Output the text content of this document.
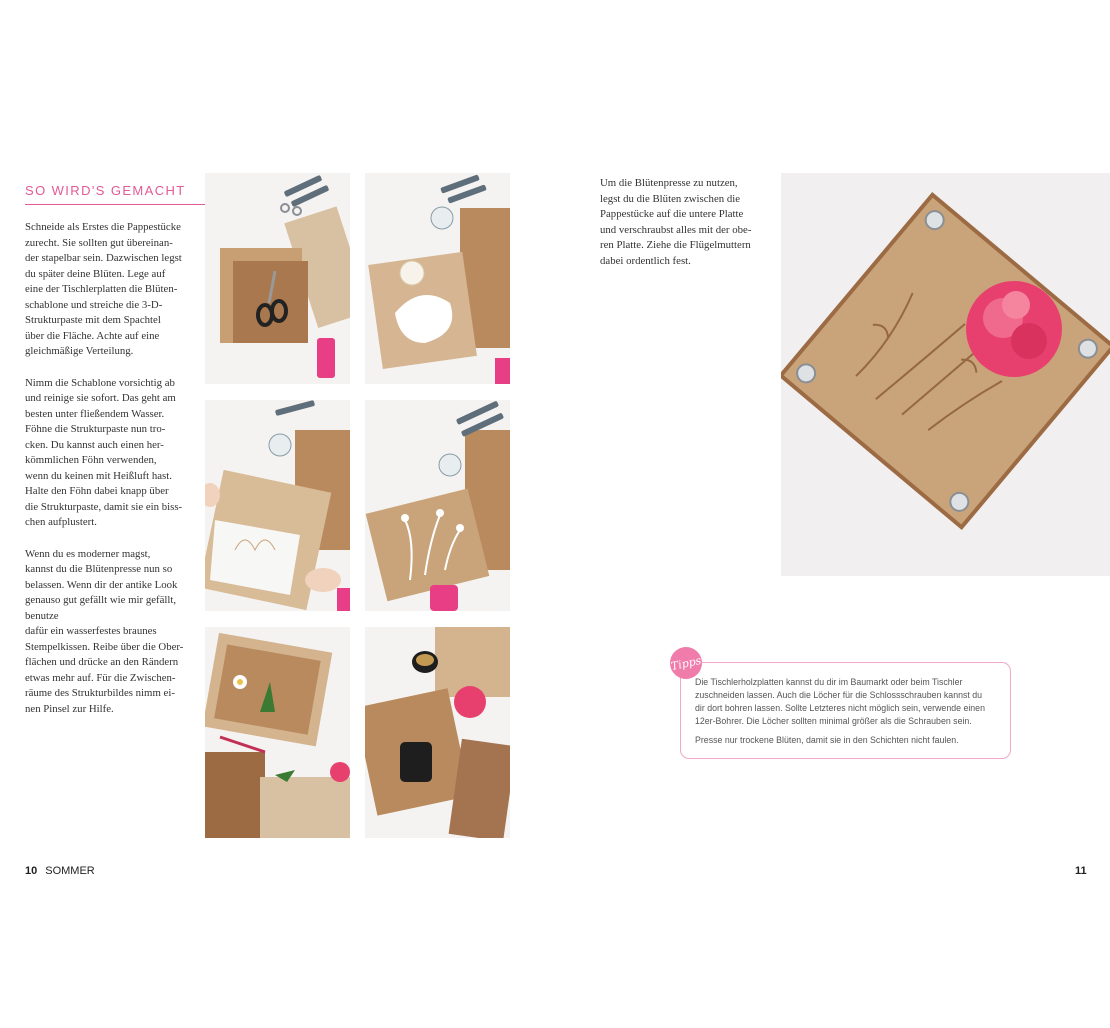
SO WIRD'S GEMACHT

Schneide als Erstes die Pappestücke
zurecht. Sie sollten gut übereinan-
der stapelbar sein. Dazwischen legst
du später deine Blüten. Lege auf
eine der Tischlerplatten die Blüten-
schablone und streiche die 3-D-
Strukturpaste mit dem Spachtel
über die Fläche. Achte auf eine
gleichmäßige Verteilung.

Nimm die Schablone vorsichtig ab
und reinige sie sofort. Das geht am
besten unter fließendem Wasser.
Föhne die Strukturpaste nun tro-
cken. Du kannst auch einen her-
kömmlichen Föhn verwenden,
wenn du keinen mit Heißluft hast.
Halte den Föhn dabei knapp über
die Strukturpaste, damit sie ein biss-
chen aufplustert.

Wenn du es moderner magst,
kannst du die Blütenpresse nun so
belassen. Wenn dir der antike Look
genauso gut gefällt wie mir gefällt, benutze
dafür ein wasserfestes braunes
Stempelkissen. Reibe über die Ober-
flächen und drücke an den Rändern
etwas mehr auf. Für die Zwischen-
räume des Strukturbildes nimm ei-
nen Pinsel zur Hilfe.

10 SOMMER
Um die Blütenpresse zu nutzen,
legst du die Blüten zwischen die
Pappestücke auf die untere Platte
und verschraubst alles mit der obe-
ren Platte. Ziehe die Flügelmuttern
dabei ordentlich fest.

Die Tischlerholzplatten kannst du dir im Baumarkt oder beim Tischler
zuschneiden lassen. Auch die Löcher für die Schlossschrauben kannst du
dir dort bohren lassen. Sollte Letzteres nicht möglich sein, verwende einen
12er-Bohrer. Die Löcher sollten minimal größer als die Schrauben sein.

Presse nur trockene Blüten, damit sie in den Schichten nicht faulen.

Tipps
11
